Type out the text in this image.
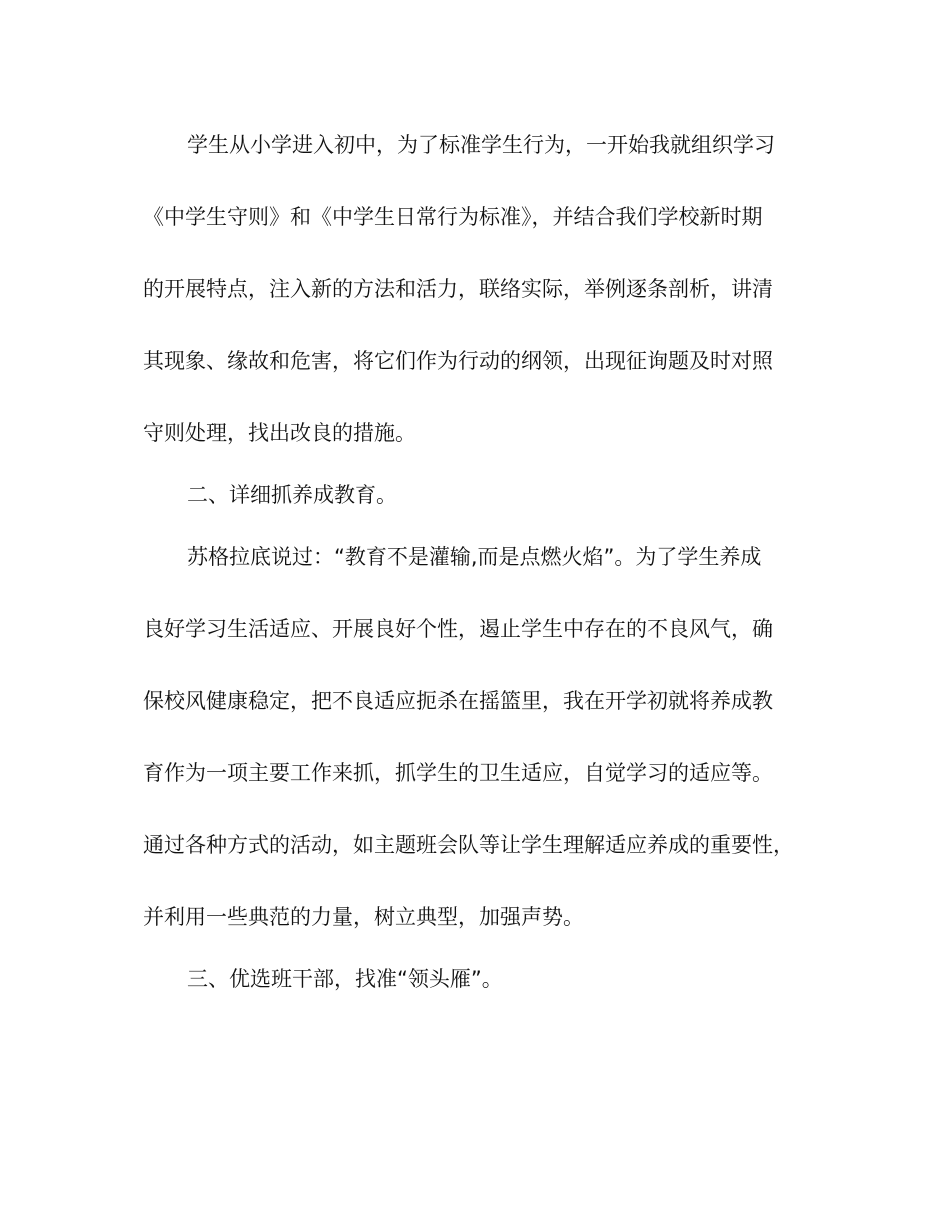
学生从小学进入初中，为了标准学生行为，一开始我就组织学习
《中学生守则》和《中学生日常行为标准》，并结合我们学校新时期
的开展特点，注入新的方法和活力，联络实际，举例逐条剖析，讲清
其现象、缘故和危害，将它们作为行动的纲领，出现征询题及时对照
守则处理，找出改良的措施。
二、详细抓养成教育。
苏格拉底说过：“教育不是灌输,而是点燃火焰”。为了学生养成
良好学习生活适应、开展良好个性，遏止学生中存在的不良风气，确
保校风健康稳定，把不良适应扼杀在摇篮里，我在开学初就将养成教
育作为一项主要工作来抓，抓学生的卫生适应，自觉学习的适应等。
通过各种方式的活动，如主题班会队等让学生理解适应养成的重要性，
并利用一些典范的力量，树立典型，加强声势。
三、优选班干部，找准“领头雁”。
